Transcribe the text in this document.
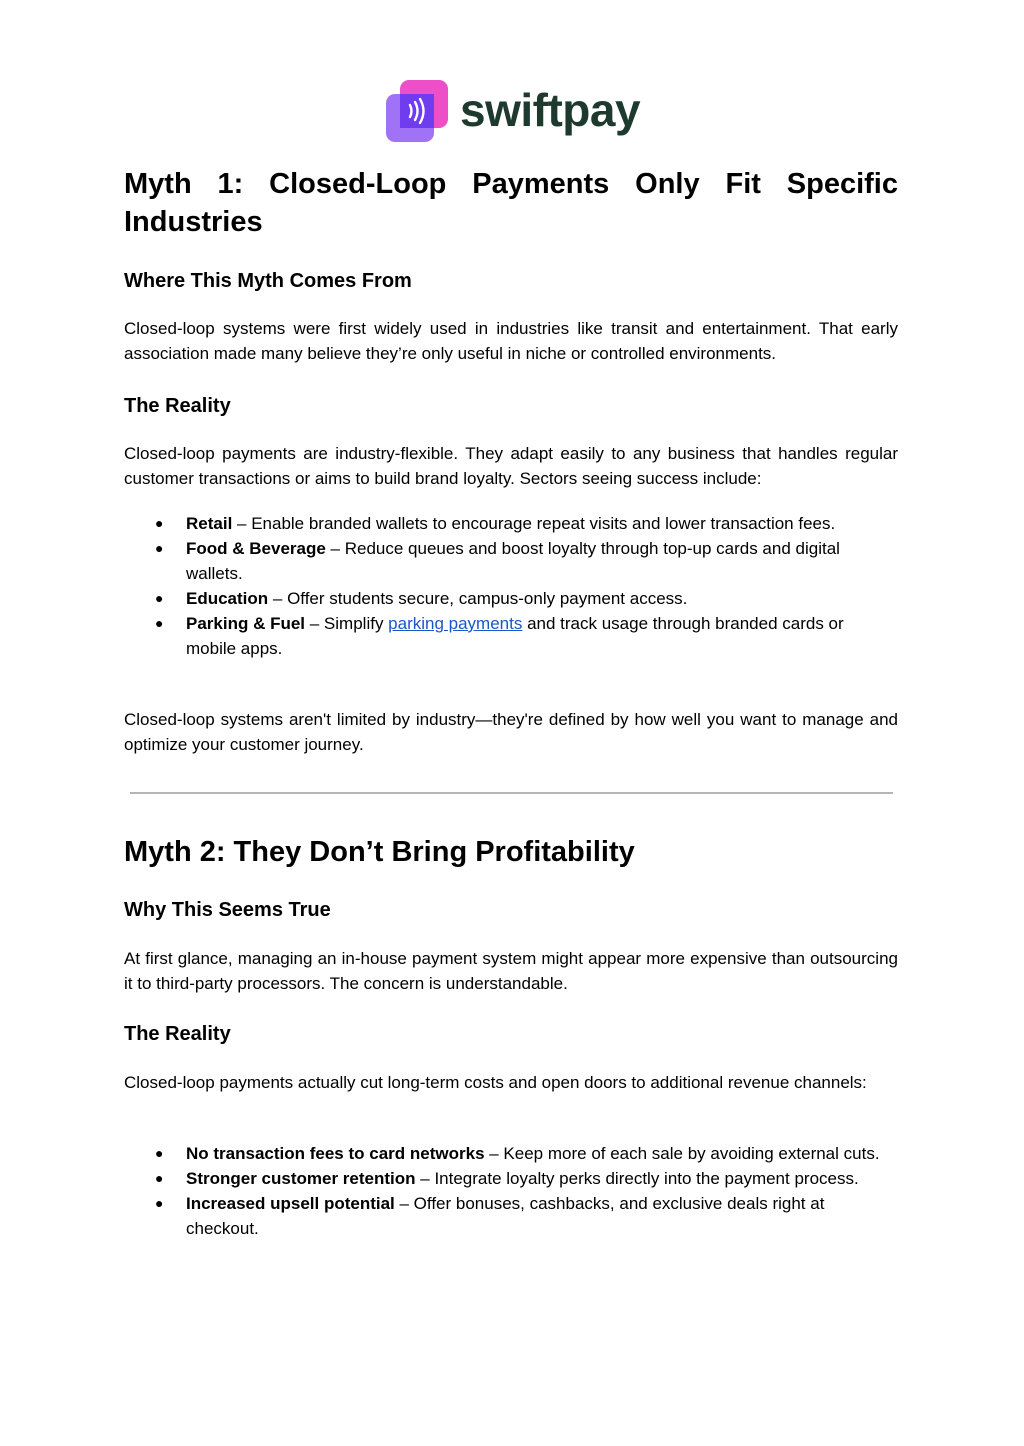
swiftpay
Myth 1: Closed-Loop Payments Only Fit Specific Industries
Where This Myth Comes From

Closed-loop systems were first widely used in industries like transit and entertainment. That early association made many believe they’re only useful in niche or controlled environments.

The Reality

Closed-loop payments are industry-flexible. They adapt easily to any business that handles regular customer transactions or aims to build brand loyalty. Sectors seeing success include:

● Retail – Enable branded wallets to encourage repeat visits and lower transaction fees.
● Food & Beverage – Reduce queues and boost loyalty through top-up cards and digital wallets.
● Education – Offer students secure, campus-only payment access.
● Parking & Fuel – Simplify parking payments and track usage through branded cards or mobile apps.

Closed-loop systems aren't limited by industry—they're defined by how well you want to manage and optimize your customer journey.

Myth 2: They Don’t Bring Profitability
Why This Seems True

At first glance, managing an in-house payment system might appear more expensive than outsourcing it to third-party processors. The concern is understandable.

The Reality

Closed-loop payments actually cut long-term costs and open doors to additional revenue channels:

● No transaction fees to card networks – Keep more of each sale by avoiding external cuts.
● Stronger customer retention – Integrate loyalty perks directly into the payment process.
● Increased upsell potential – Offer bonuses, cashbacks, and exclusive deals right at checkout.
